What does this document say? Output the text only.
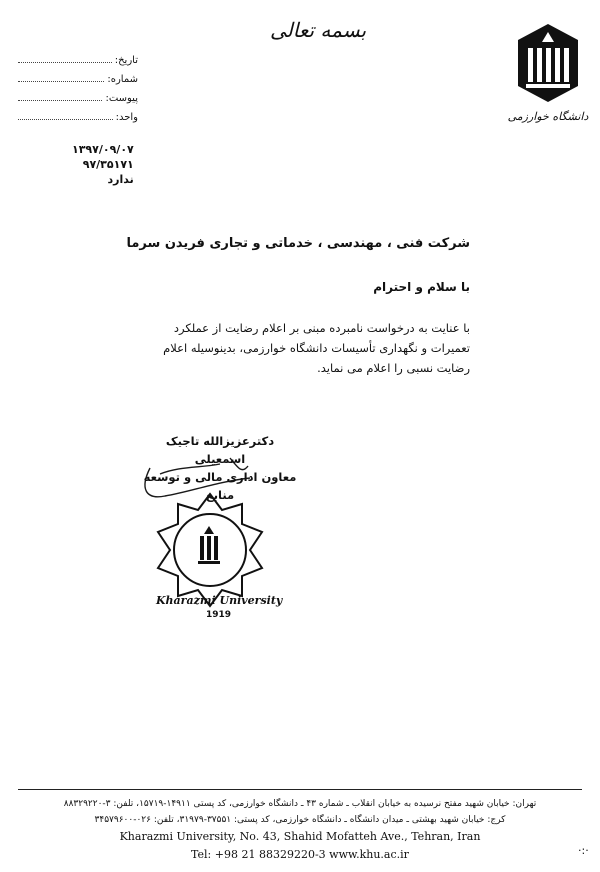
دانشگاه خوارزمی
بسمه تعالی
تاریخ:
شماره:
پیوست:
واحد:
۱۳۹۷/۰۹/۰۷
۹۷/۳۵۱۷۱
ندارد
شرکت فنی ، مهندسی ، خدماتی و تجاری فریدن سرما
با سلام و احترام
با عنایت به درخواست نامبرده مبنی بر اعلام رضایت از عملکرد تعمیرات و نگهداری تأسیسات دانشگاه خوارزمی، بدینوسیله اعلام رضایت نسبی را اعلام می نماید.
دکترعزیزالله تاجیک اسمعیلی
معاون اداری مالی و توسعه منابع
Kharazmi University
1919
تهران: خیابان شهید مفتح نرسیده به خیابان انقلاب ـ شماره ۴۳ ـ دانشگاه خوارزمی، کد پستی ۱۴۹۱۱-۱۵۷۱۹، تلفن: ۳-۸۸۳۲۹۲۲۰
کرج: خیابان شهید بهشتی ـ میدان دانشگاه ـ دانشگاه خوارزمی، کد پستی: ۳۷۵۵۱-۳۱۹۷۹، تلفن: ۰۲۶-۳۴۵۷۹۶۰۰
Kharazmi University, No. 43, Shahid Mofatteh Ave., Tehran, Iran
Tel: +98 21 88329220-3 www.khu.ac.ir	·:·
